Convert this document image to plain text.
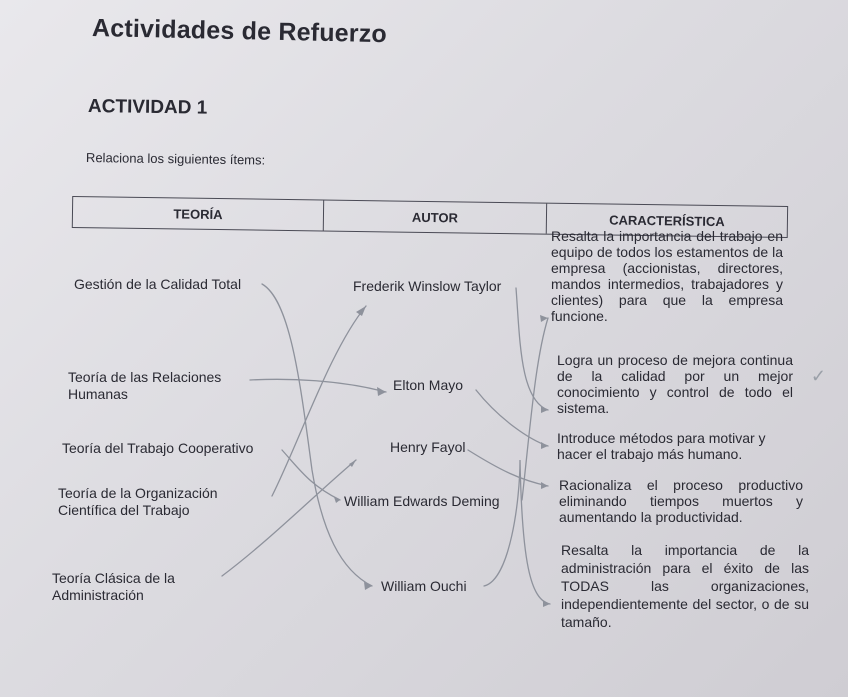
Actividades de Refuerzo
ACTIVIDAD 1
Relaciona los siguientes ítems:
TEORÍA	AUTOR	CARACTERÍSTICA
Gestión de la Calidad Total
Teoría de las Relaciones Humanas
Teoría del Trabajo Cooperativo
Teoría de la Organización Científica del Trabajo
Teoría Clásica de la Administración
Frederik Winslow Taylor
Elton Mayo
Henry Fayol
William Edwards Deming
William Ouchi
Resalta la importancia del trabajo en equipo de todos los estamentos de la empresa (accionistas, directores, mandos intermedios, trabajadores y clientes) para que la empresa funcione.
Logra un proceso de mejora continua de la calidad por un mejor conocimiento y control de todo el sistema.
Introduce métodos para motivar y hacer el trabajo más humano.
Racionaliza el proceso productivo eliminando tiempos muertos y aumentando la productividad.
Resalta la importancia de la administración para el éxito de las TODAS las organizaciones, independientemente del sector, o de su tamaño.
✓
